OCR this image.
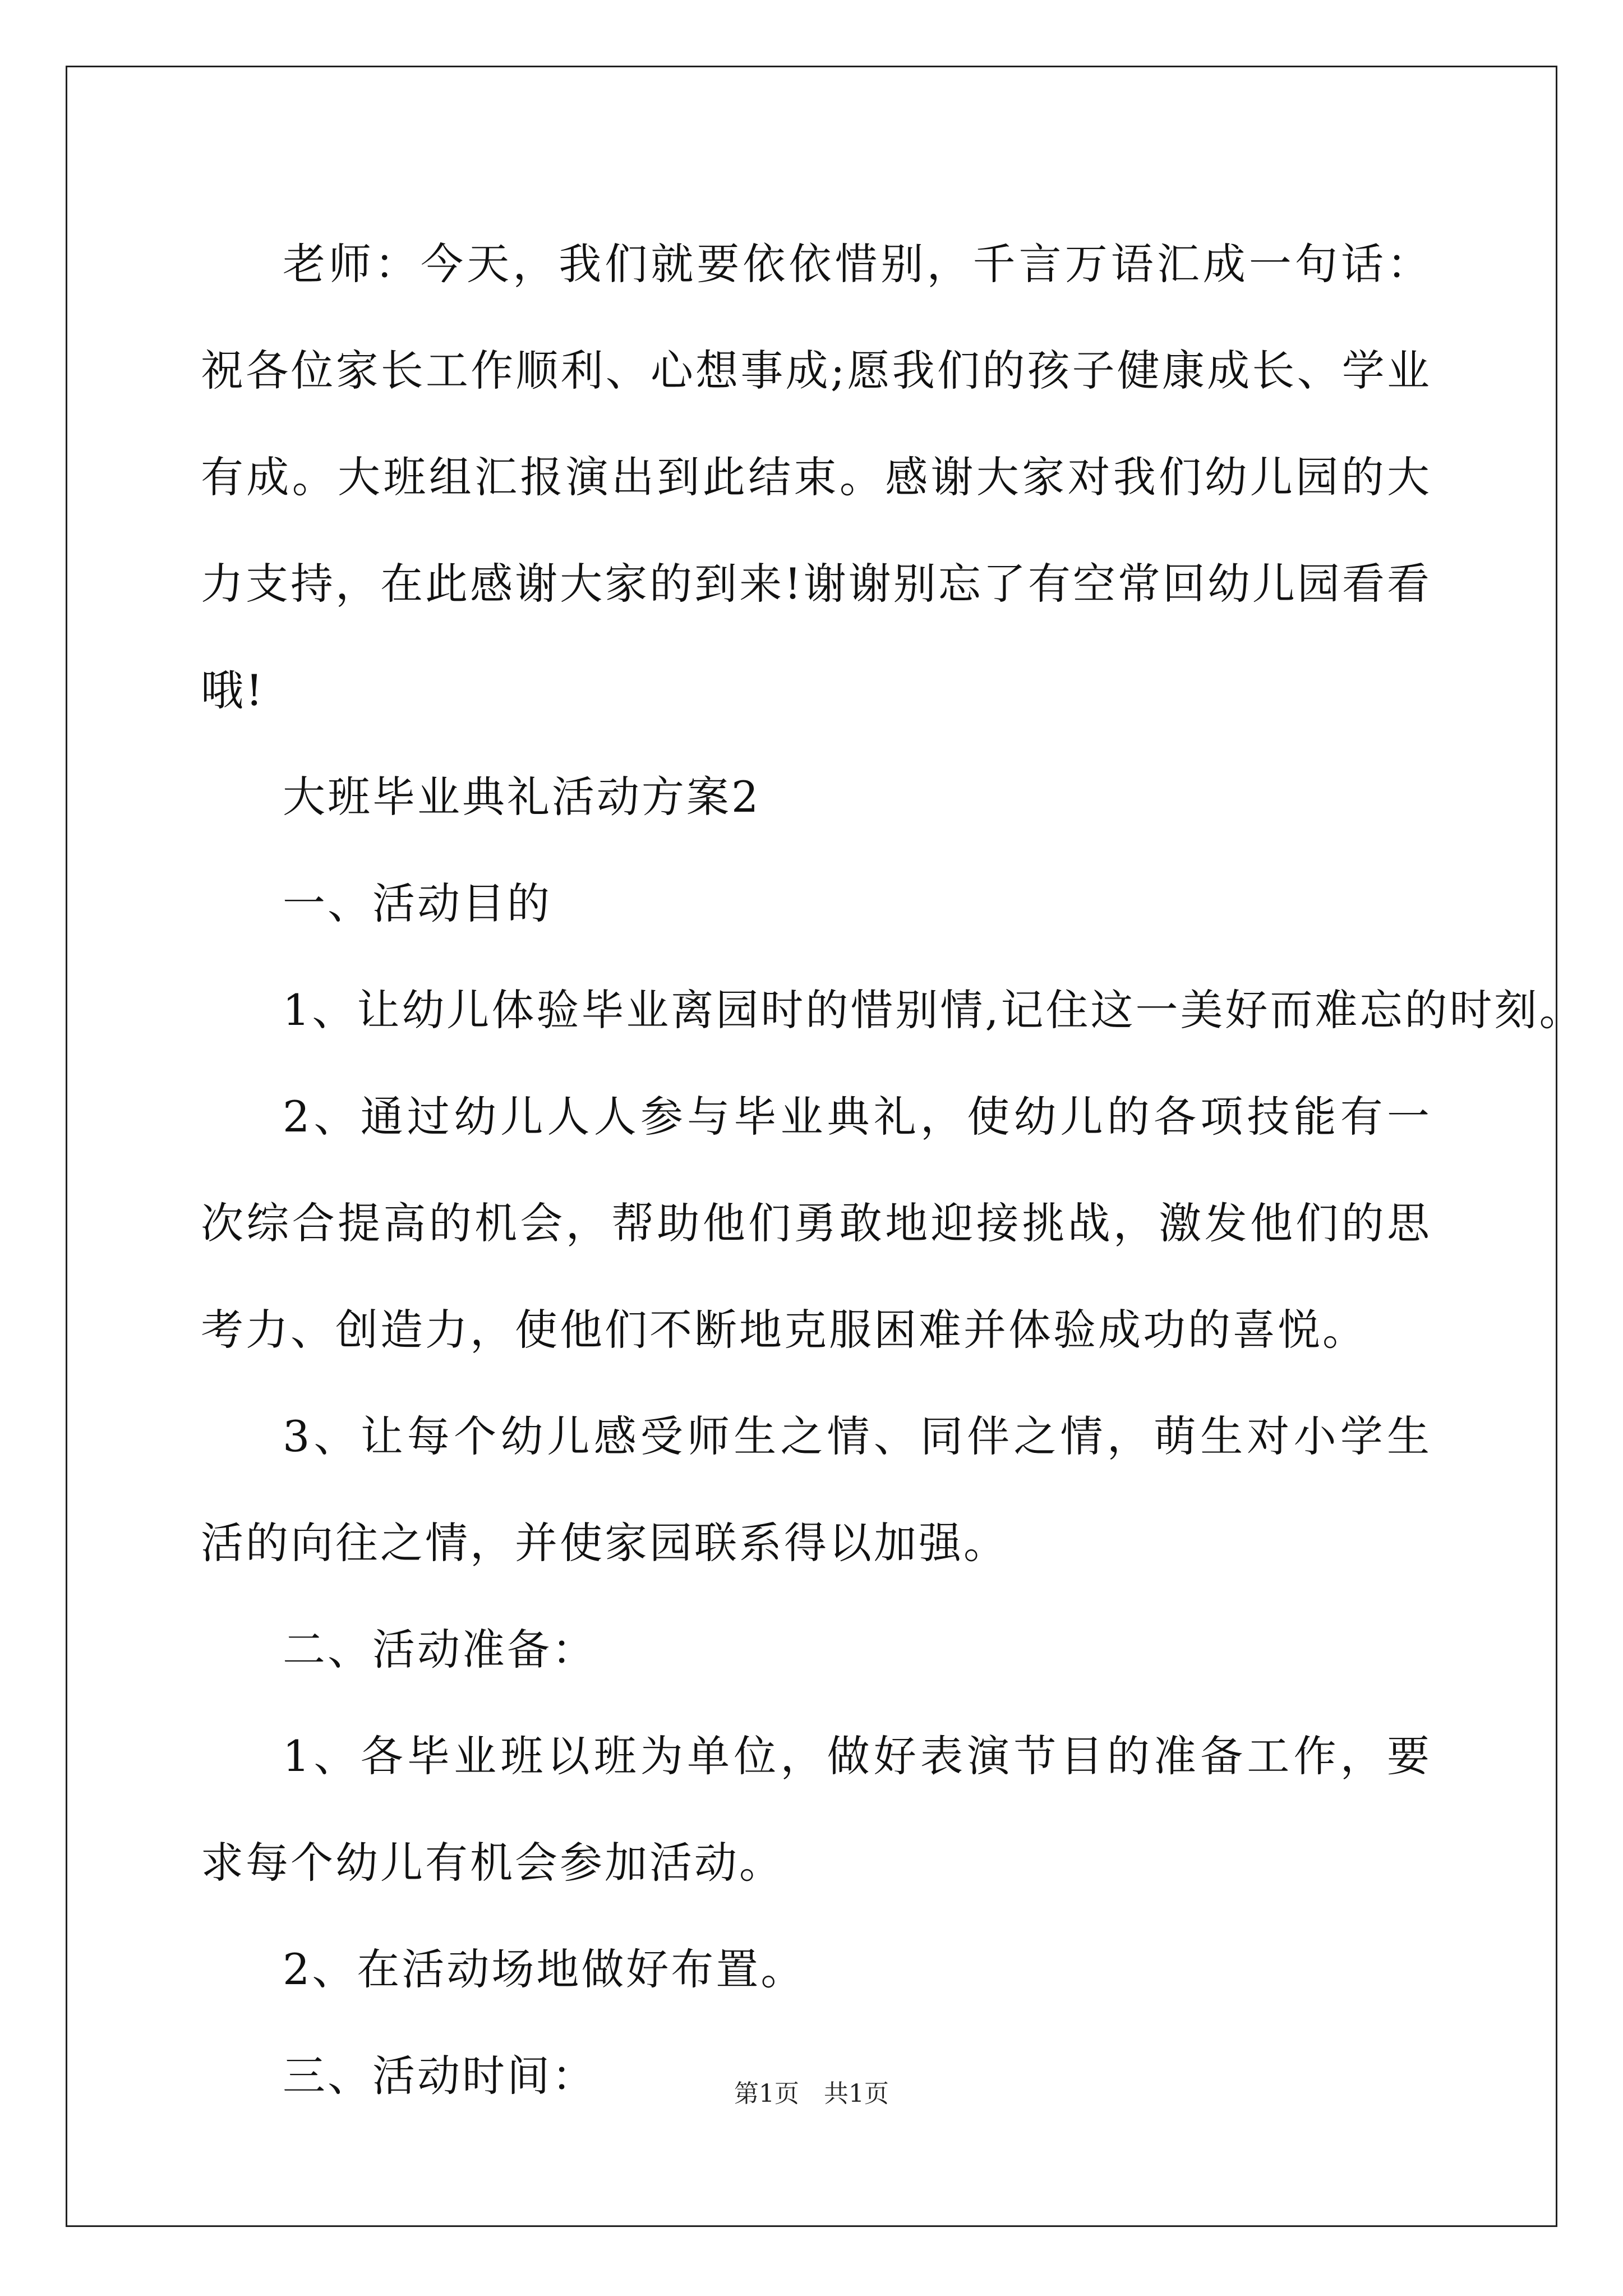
老师：今天，我们就要依依惜别，千言万语汇成一句话：祝各位家长工作顺利、心想事成;愿我们的孩子健康成长、学业有成。大班组汇报演出到此结束。感谢大家对我们幼儿园的大力支持，在此感谢大家的到来!谢谢别忘了有空常回幼儿园看看哦!

大班毕业典礼活动方案2

一、活动目的

1、让幼儿体验毕业离园时的惜别情,记住这一美好而难忘的时刻。

2、通过幼儿人人参与毕业典礼，使幼儿的各项技能有一次综合提高的机会，帮助他们勇敢地迎接挑战，激发他们的思考力、创造力，使他们不断地克服困难并体验成功的喜悦。

3、让每个幼儿感受师生之情、同伴之情，萌生对小学生活的向往之情，并使家园联系得以加强。

二、活动准备：

1、各毕业班以班为单位，做好表演节目的准备工作，要求每个幼儿有机会参加活动。

2、在活动场地做好布置。

三、活动时间：	第1页　共1页
